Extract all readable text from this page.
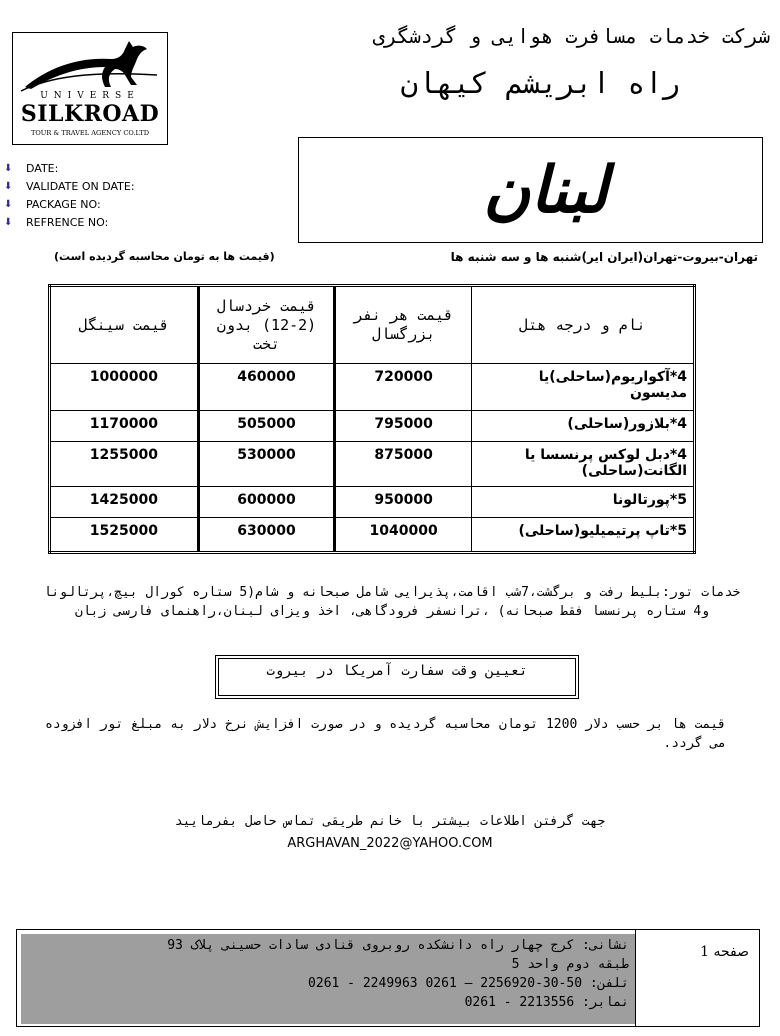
UNIVERSE
SILKROAD
TOUR & TRAVEL AGENCY CO.LTD
شرکت خدمات مسافرت هوایی و گردشگری
راه ابریشم کیهان
⬇	DATE:
⬇	VALIDATE ON DATE:
⬇	PACKAGE NO:
⬇	REFRENCE NO:	لبنان
تهران-بیروت-تهران(ایران ایر)شنبه ها و سه شنبه ها
(قیمت ها به تومان محاسبه گردیده است)
نام و درجه هتل	قیمت هر نفر بزرگسال	قیمت خردسال (2-12) بدون تخت	قیمت سینگل
4*آکواریوم(ساحلی)یا مدیسون	720000	460000	1000000
4*بلازور(ساحلی)	795000	505000	1170000
4*دبل لوکس پرنسسا یا الگانت(ساحلی)	875000	530000	1255000
5*پورتالونا	950000	600000	1425000
5*تاپ پرتیمیلیو(ساحلی)	1040000	630000	1525000
خدمات تور:بلیط رفت و برگشت،7شب اقامت،پذیرایی شامل صبحانه و شام(5 ستاره کورال بیچ،پرتالونا و4 ستاره پرنسسا فقط صبحانه) ،ترانسفر فرودگاهی، اخذ ویزای لبنان،راهنمای فارسی زبان
تعیین وقت سفارت آمریکا در بیروت
قیمت ها بر حسب دلار 1200 تومان محاسبه گردیده و در صورت افزایش نرخ دلار به مبلغ تور افزوده می گردد.
جهت گرفتن اطلاعات بیشتر با خانم طریقی تماس حاصل بفرمایید
ARGHAVAN_2022@YAHOO.COM
نشانی: کرج چهار راه دانشکده روبروی قنادی سادات حسینی پلاک 93
طبقه دوم واحد 5
تلفن: 50-30-2256920 – 0261 2249963 - 0261
نمابر: 2213556 - 0261
صفحه 1
